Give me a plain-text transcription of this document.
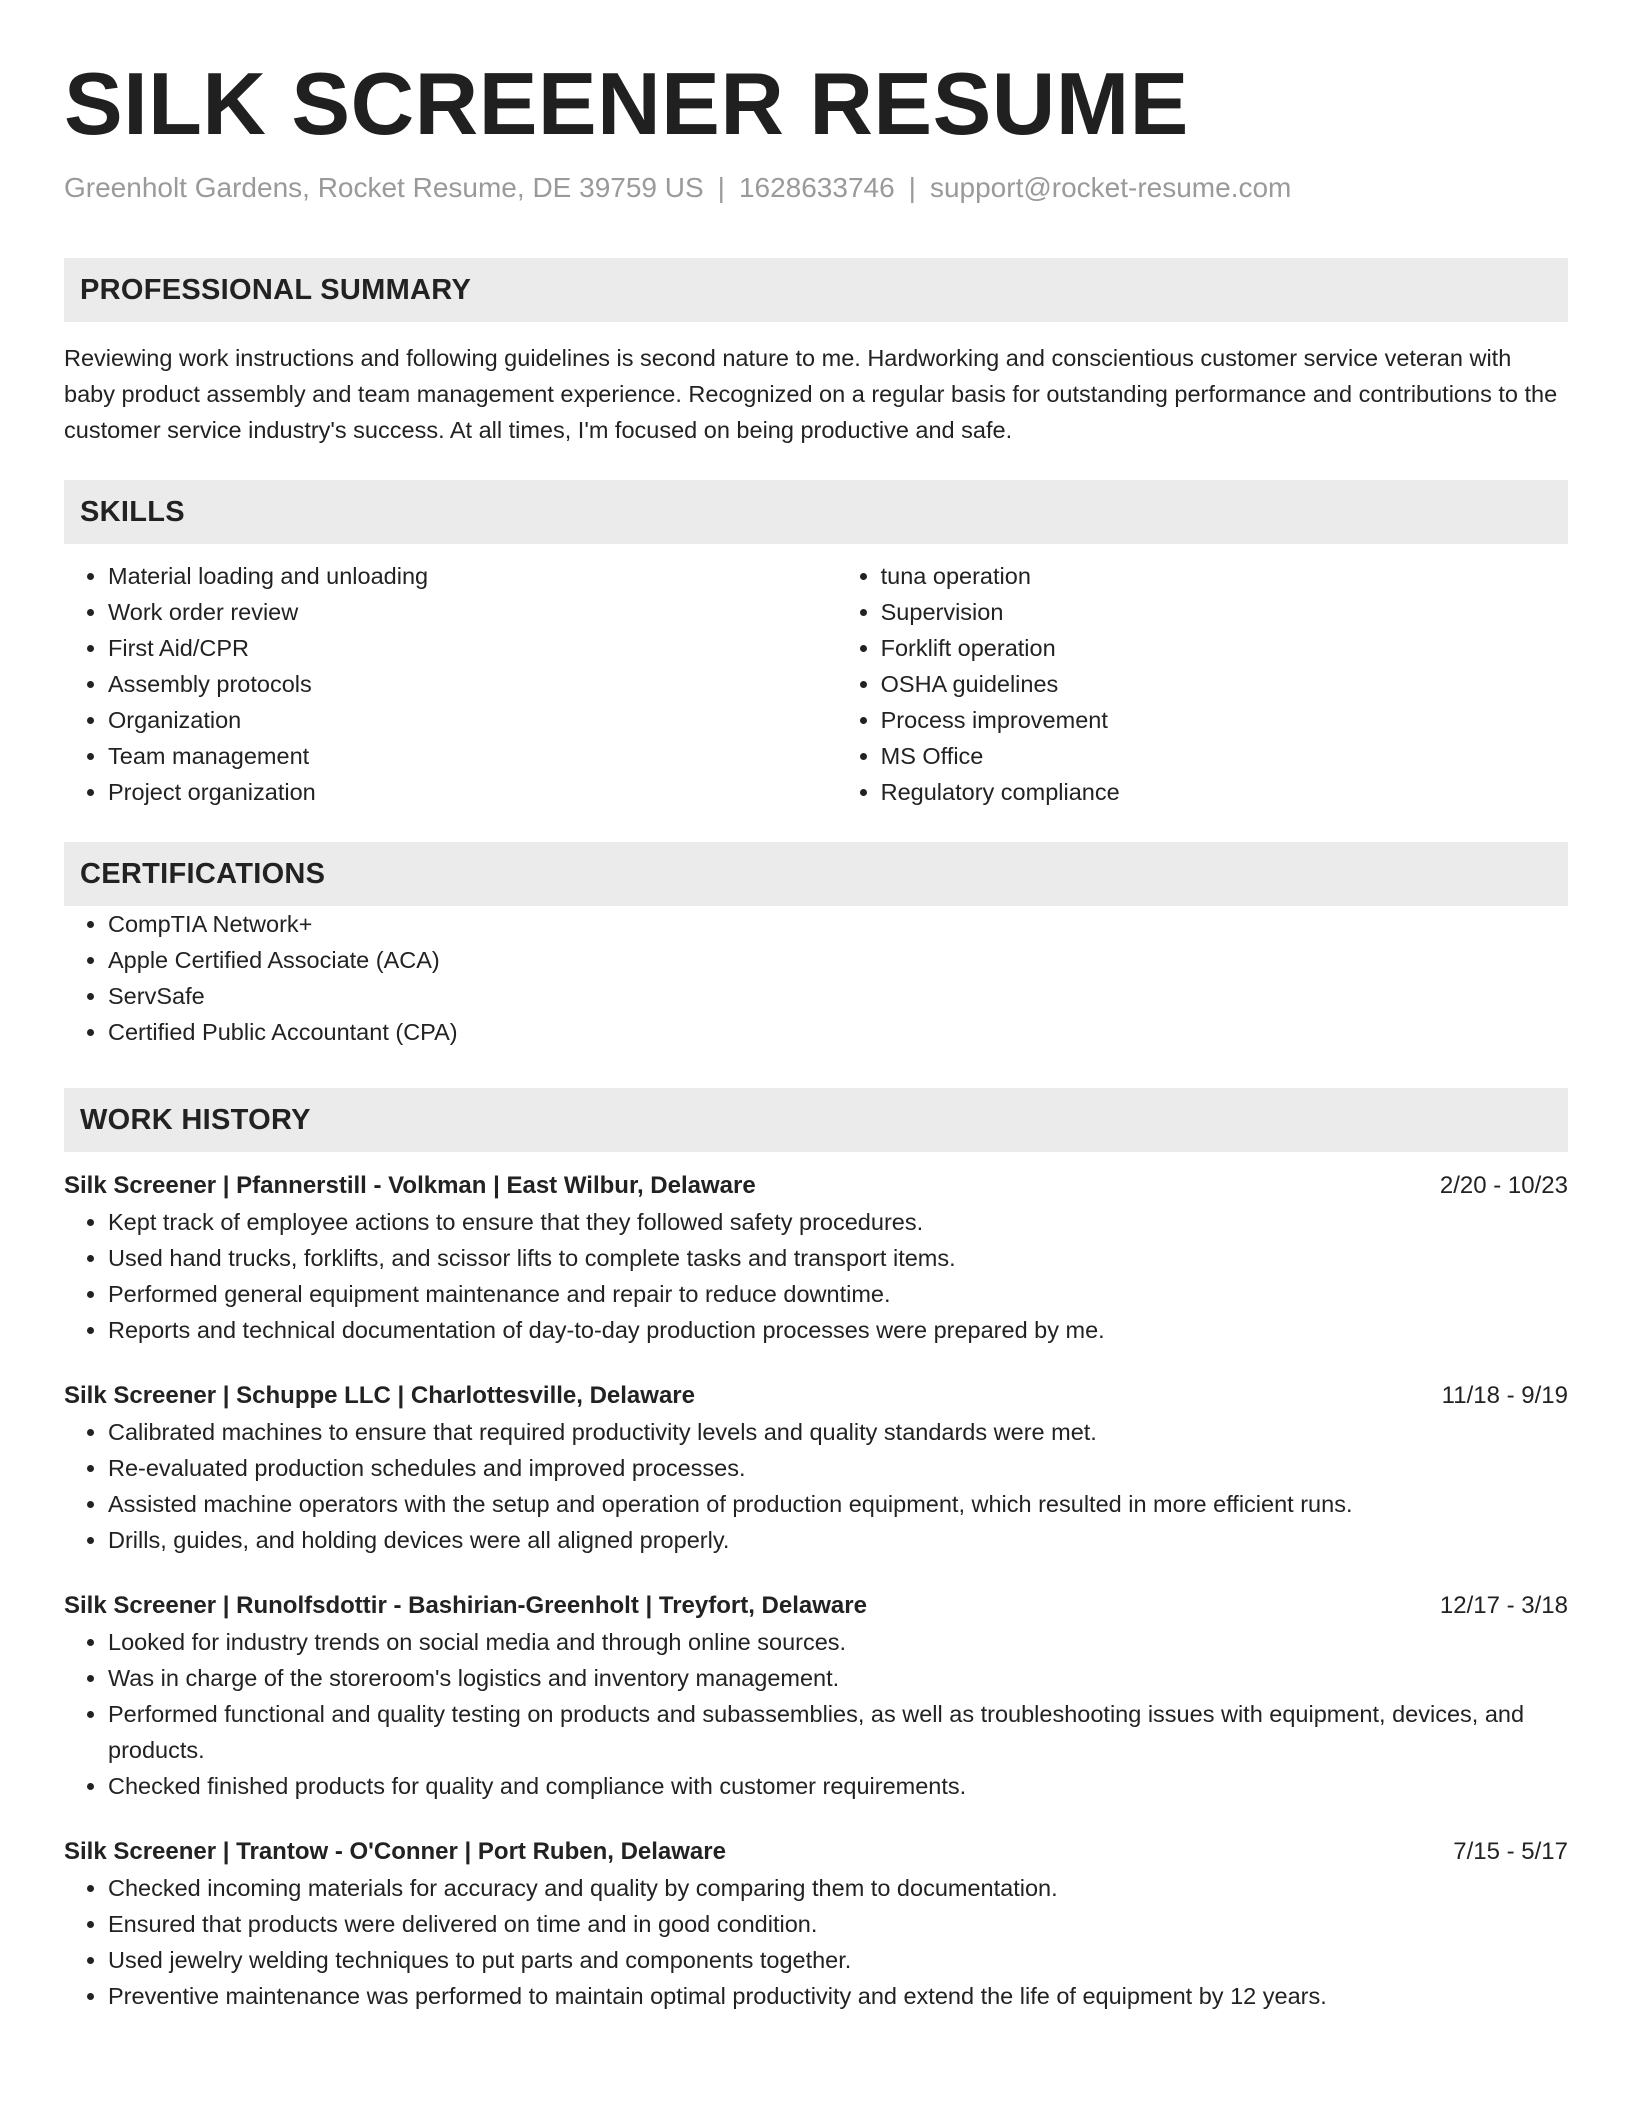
SILK SCREENER RESUME
Greenholt Gardens, Rocket Resume, DE 39759 US | 1628633746 | support@rocket-resume.com
PROFESSIONAL SUMMARY

Reviewing work instructions and following guidelines is second nature to me. Hardworking and conscientious customer service veteran with baby product assembly and team management experience. Recognized on a regular basis for outstanding performance and contributions to the customer service industry's success. At all times, I'm focused on being productive and safe.

SKILLS
• Material loading and unloading
• Work order review
• First Aid/CPR
• Assembly protocols
• Organization
• Team management
• Project organization
• tuna operation
• Supervision
• Forklift operation
• OSHA guidelines
• Process improvement
• MS Office
• Regulatory compliance
CERTIFICATIONS
• CompTIA Network+
• Apple Certified Associate (ACA)
• ServSafe
• Certified Public Accountant (CPA)
WORK HISTORY
Silk Screener | Pfannerstill - Volkman | East Wilbur, Delaware	2/20 - 10/23
• Kept track of employee actions to ensure that they followed safety procedures.
• Used hand trucks, forklifts, and scissor lifts to complete tasks and transport items.
• Performed general equipment maintenance and repair to reduce downtime.
• Reports and technical documentation of day-to-day production processes were prepared by me.
Silk Screener | Schuppe LLC | Charlottesville, Delaware	11/18 - 9/19
• Calibrated machines to ensure that required productivity levels and quality standards were met.
• Re-evaluated production schedules and improved processes.
• Assisted machine operators with the setup and operation of production equipment, which resulted in more efficient runs.
• Drills, guides, and holding devices were all aligned properly.
Silk Screener | Runolfsdottir - Bashirian-Greenholt | Treyfort, Delaware	12/17 - 3/18
• Looked for industry trends on social media and through online sources.
• Was in charge of the storeroom's logistics and inventory management.
• Performed functional and quality testing on products and subassemblies, as well as troubleshooting issues with equipment, devices, and products.
• Checked finished products for quality and compliance with customer requirements.
Silk Screener | Trantow - O'Conner | Port Ruben, Delaware	7/15 - 5/17
• Checked incoming materials for accuracy and quality by comparing them to documentation.
• Ensured that products were delivered on time and in good condition.
• Used jewelry welding techniques to put parts and components together.
• Preventive maintenance was performed to maintain optimal productivity and extend the life of equipment by 12 years.
